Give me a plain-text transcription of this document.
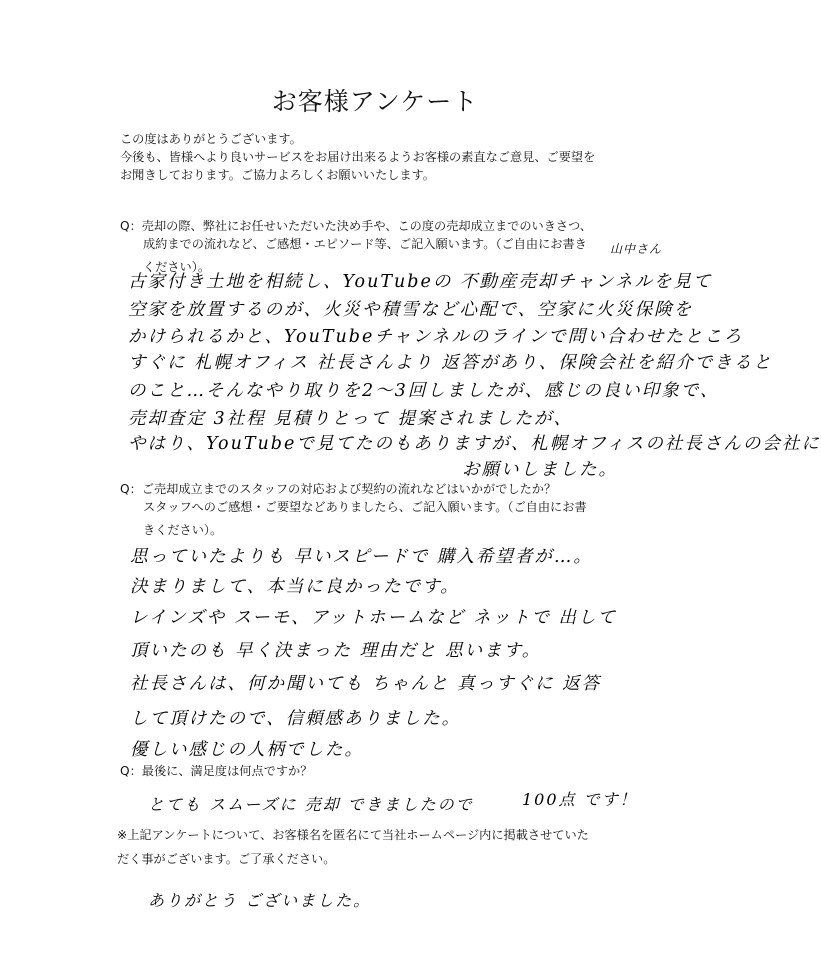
お客様アンケート
この度はありがとうございます。
今後も、皆様へより良いサービスをお届け出来るようお客様の素直なご意見、ご要望を
お聞きしております。ご協力よろしくお願いいたします。
Q：売却の際、弊社にお任せいただいた決め手や、この度の売却成立までのいきさつ、
成約までの流れなど、ご感想・エピソード等、ご記入願います。（ご自由にお書き
ください）。
山中さん
古家付き土地を相続し、YouTubeの 不動産売却チャンネルを見て
空家を放置するのが、火災や積雪など心配で、空家に火災保険を
かけられるかと、YouTubeチャンネルのラインで問い合わせたところ
すぐに 札幌オフィス 社長さんより 返答があり、保険会社を紹介できると
のこと…そんなやり取りを2〜3回しましたが、感じの良い印象で、
売却査定 3社程 見積りとって 提案されましたが、
やはり、YouTubeで見てたのもありますが、札幌オフィスの社長さんの会社に
お願いしました。
Q：ご売却成立までのスタッフの対応および契約の流れなどはいかがでしたか？
スタッフへのご感想・ご要望などありましたら、ご記入願います。（ご自由にお書
きください）。
思っていたよりも 早いスピードで 購入希望者が…。
決まりまして、本当に良かったです。
レインズや スーモ、アットホームなど ネットで 出して
頂いたのも 早く決まった 理由だと 思います。
社長さんは、何か聞いても ちゃんと 真っすぐに 返答
して頂けたので、信頼感ありました。
優しい感じの人柄でした。
Q：最後に、満足度は何点ですか？
とても スムーズに 売却 できましたので	100点 です！
※上記アンケートについて、お客様名を匿名にて当社ホームページ内に掲載させていた
だく事がございます。ご了承ください。
ありがとう ございました。
